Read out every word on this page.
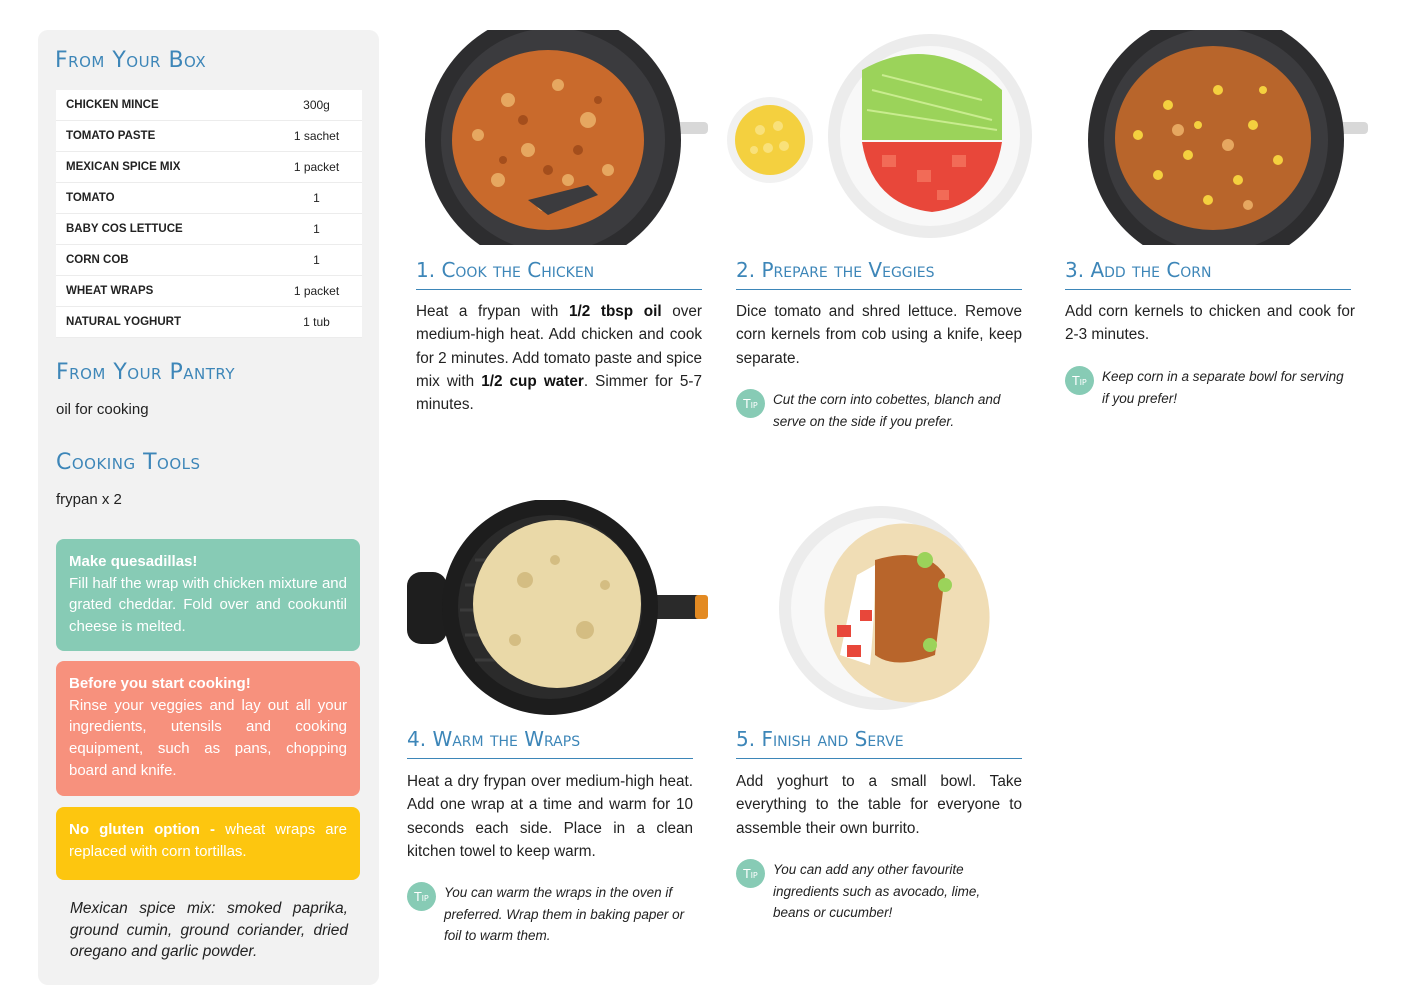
From Your Box
CHICKEN MINCE	300g
TOMATO PASTE	1 sachet
MEXICAN SPICE MIX	1 packet
TOMATO	1
BABY COS LETTUCE	1
CORN COB	1
WHEAT WRAPS	1 packet
NATURAL YOGHURT	1 tub
From Your Pantry
oil for cooking
Cooking Tools
frypan x 2
Make quesadillas!
Fill half the wrap with chicken mixture and grated cheddar. Fold over and cookuntil cheese is melted.
Before you start cooking!
Rinse your veggies and lay out all your ingredients, utensils and cooking equipment, such as pans, chopping board and knife.
No gluten option - wheat wraps are replaced with corn tortillas.
Mexican spice mix: smoked paprika, ground cumin, ground coriander, dried oregano and garlic powder.
1. Cook the Chicken

Heat a frypan with 1/2 tbsp oil over medium-high heat. Add chicken and cook for 2 minutes. Add tomato paste and spice mix with 1/2 cup water. Simmer for 5-7 minutes.

2. Prepare the Veggies

Dice tomato and shred lettuce. Remove corn kernels from cob using a knife, keep separate.

Tip	Cut the corn into cobettes, blanch and serve on the side if you prefer.
3. Add the Corn

Add corn kernels to chicken and cook for 2-3 minutes.

Tip	Keep corn in a separate bowl for serving if you prefer!
4. Warm the Wraps

Heat a dry frypan over medium-high heat. Add one wrap at a time and warm for 10 seconds each side. Place in a clean kitchen towel to keep warm.

Tip	You can warm the wraps in the oven if preferred. Wrap them in baking paper or foil to warm them.
5. Finish and Serve

Add yoghurt to a small bowl. Take everything to the table for everyone to assemble their own burrito.

Tip	You can add any other favourite ingredients such as avocado, lime, beans or cucumber!
